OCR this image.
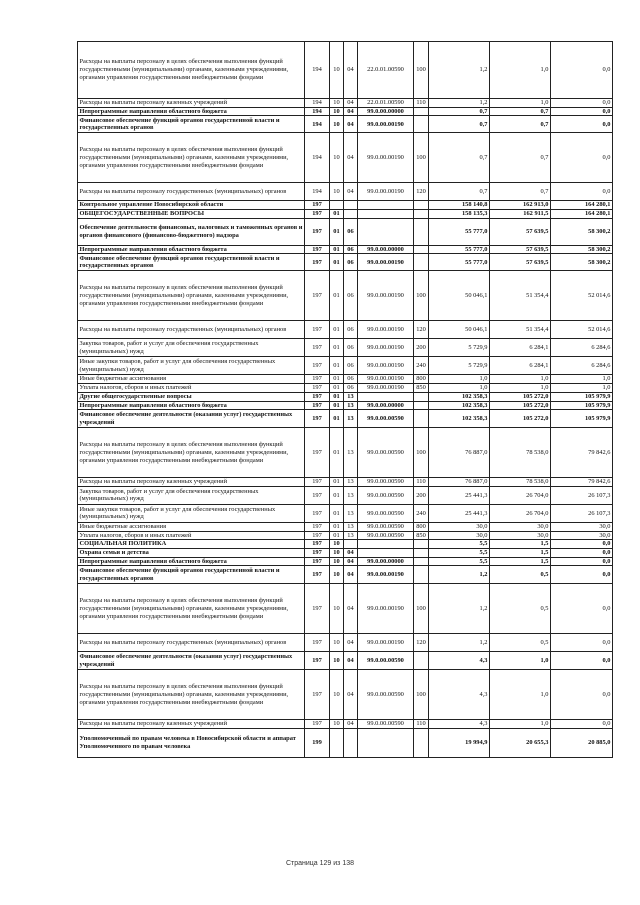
Расходы на выплаты персоналу в целях обеспечения выполнения функций государственными (муниципальными) органами, казенными учреждениями, органами управления государственными внебюджетными фондами	194	10	04	22.0.01.00590	100	1,2	1,0	0,0
Расходы на выплаты персоналу казенных учреждений	194	10	04	22.0.01.00590	110	1,2	1,0	0,0
Непрограммные направления областного бюджета	194	10	04	99.0.00.00000		0,7	0,7	0,0
Финансовое обеспечение функций органов государственной власти и государственных органов	194	10	04	99.0.00.00190		0,7	0,7	0,0
Расходы на выплаты персоналу в целях обеспечения выполнения функций государственными (муниципальными) органами, казенными учреждениями, органами управления государственными внебюджетными фондами	194	10	04	99.0.00.00190	100	0,7	0,7	0,0
Расходы на выплаты персоналу государственных (муниципальных) органов	194	10	04	99.0.00.00190	120	0,7	0,7	0,0
Контрольное управление Новосибирской области	197					158 140,8	162 913,0	164 280,1
ОБЩЕГОСУДАРСТВЕННЫЕ ВОПРОСЫ	197	01				158 135,3	162 911,5	164 280,1
Обеспечение деятельности финансовых, налоговых и таможенных органов и органов финансового (финансово-бюджетного) надзора	197	01	06			55 777,0	57 639,5	58 300,2
Непрограммные направления областного бюджета	197	01	06	99.0.00.00000		55 777,0	57 639,5	58 300,2
Финансовое обеспечение функций органов государственной власти и государственных органов	197	01	06	99.0.00.00190		55 777,0	57 639,5	58 300,2
Расходы на выплаты персоналу в целях обеспечения выполнения функций государственными (муниципальными) органами, казенными учреждениями, органами управления государственными внебюджетными фондами	197	01	06	99.0.00.00190	100	50 046,1	51 354,4	52 014,6
Расходы на выплаты персоналу государственных (муниципальных) органов	197	01	06	99.0.00.00190	120	50 046,1	51 354,4	52 014,6
Закупка товаров, работ и услуг для обеспечения государственных (муниципальных) нужд	197	01	06	99.0.00.00190	200	5 729,9	6 284,1	6 284,6
Иные закупки товаров, работ и услуг для обеспечения государственных (муниципальных) нужд	197	01	06	99.0.00.00190	240	5 729,9	6 284,1	6 284,6
Иные бюджетные ассигнования	197	01	06	99.0.00.00190	800	1,0	1,0	1,0
Уплата налогов, сборов и иных платежей	197	01	06	99.0.00.00190	850	1,0	1,0	1,0
Другие общегосударственные вопросы	197	01	13			102 358,3	105 272,0	105 979,9
Непрограммные направления областного бюджета	197	01	13	99.0.00.00000		102 358,3	105 272,0	105 979,9
Финансовое обеспечение деятельности (оказания услуг) государственных учреждений	197	01	13	99.0.00.00590		102 358,3	105 272,0	105 979,9
Расходы на выплаты персоналу в целях обеспечения выполнения функций государственными (муниципальными) органами, казенными учреждениями, органами управления государственными внебюджетными фондами	197	01	13	99.0.00.00590	100	76 887,0	78 538,0	79 842,6
Расходы на выплаты персоналу казенных учреждений	197	01	13	99.0.00.00590	110	76 887,0	78 538,0	79 842,6
Закупка товаров, работ и услуг для обеспечения государственных (муниципальных) нужд	197	01	13	99.0.00.00590	200	25 441,3	26 704,0	26 107,3
Иные закупки товаров, работ и услуг для обеспечения государственных (муниципальных) нужд	197	01	13	99.0.00.00590	240	25 441,3	26 704,0	26 107,3
Иные бюджетные ассигнования	197	01	13	99.0.00.00590	800	30,0	30,0	30,0
Уплата налогов, сборов и иных платежей	197	01	13	99.0.00.00590	850	30,0	30,0	30,0
СОЦИАЛЬНАЯ ПОЛИТИКА	197	10				5,5	1,5	0,0
Охрана семьи и детства	197	10	04			5,5	1,5	0,0
Непрограммные направления областного бюджета	197	10	04	99.0.00.00000		5,5	1,5	0,0
Финансовое обеспечение функций органов государственной власти и государственных органов	197	10	04	99.0.00.00190		1,2	0,5	0,0
Расходы на выплаты персоналу в целях обеспечения выполнения функций государственными (муниципальными) органами, казенными учреждениями, органами управления государственными внебюджетными фондами	197	10	04	99.0.00.00190	100	1,2	0,5	0,0
Расходы на выплаты персоналу государственных (муниципальных) органов	197	10	04	99.0.00.00190	120	1,2	0,5	0,0
Финансовое обеспечение деятельности (оказания услуг) государственных учреждений	197	10	04	99.0.00.00590		4,3	1,0	0,0
Расходы на выплаты персоналу в целях обеспечения выполнения функций государственными (муниципальными) органами, казенными учреждениями, органами управления государственными внебюджетными фондами	197	10	04	99.0.00.00590	100	4,3	1,0	0,0
Расходы на выплаты персоналу казенных учреждений	197	10	04	99.0.00.00590	110	4,3	1,0	0,0
Уполномоченный по правам человека в Новосибирской области и аппарат Уполномоченного по правам человека	199					19 994,9	20 655,3	20 885,0
Страница 129 из 138
